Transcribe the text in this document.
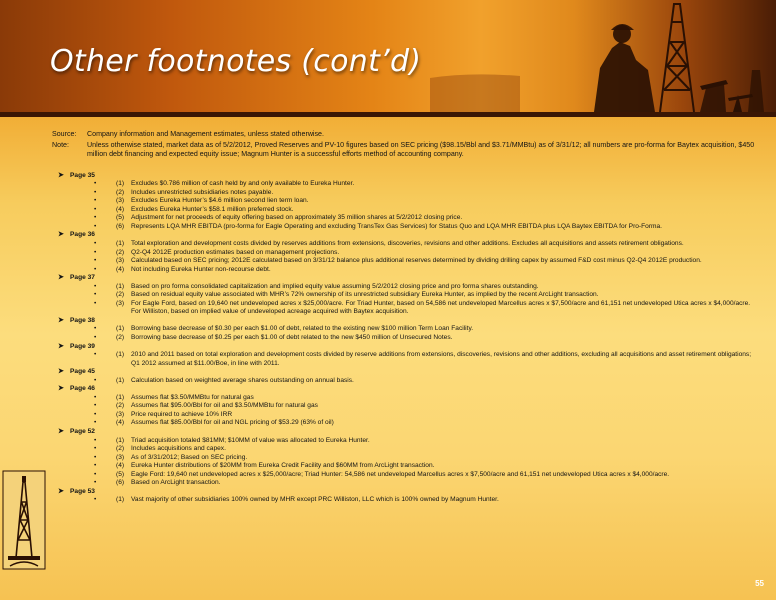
Other footnotes (cont’d)
Source:	Company information and Management estimates, unless stated otherwise.
Note:	Unless otherwise stated, market data as of 5/2/2012, Proved Reserves and PV-10 figures based on SEC pricing ($98.15/Bbl and $3.71/MMBtu) as of 3/31/12; all numbers are pro-forma for Baytex acquisition, $450 million debt financing and expected equity issue; Magnum Hunter is a successful efforts method of accounting company.
➤ Page 35
•	(1)	Excludes $0.786 million of cash held by and only available to Eureka Hunter.
•	(2)	Includes unrestricted subsidiaries notes payable.
•	(3)	Excludes Eureka Hunter’s $4.6 million second lien term loan.
•	(4)	Excludes Eureka Hunter’s $58.1 million preferred stock.
•	(5)	Adjustment for net proceeds of equity offering based on approximately 35 million shares at 5/2/2012 closing price.
•	(6)	Represents LQA MHR EBITDA (pro-forma for Eagle Operating and excluding TransTex Gas Services) for Status Quo and LQA MHR EBITDA plus LQA Baytex EBITDA for Pro-Forma.
➤ Page 36
•	(1)	Total exploration and development costs divided by reserves additions from extensions, discoveries, revisions and other additions. Excludes all acquisitions and assets retirement obligations.
•	(2)	Q2-Q4 2012E production estimates based on management projections.
•	(3)	Calculated based on SEC pricing; 2012E calculated based on 3/31/12 balance plus additional reserves determined by dividing drilling capex by assumed F&D cost minus Q2-Q4 2012E production.
•	(4)	Not including Eureka Hunter non-recourse debt.
➤ Page 37
•	(1)	Based on pro forma consolidated capitalization and implied equity value assuming 5/2/2012 closing price and pro forma shares outstanding.
•	(2)	Based on residual equity value associated with MHR’s 72% ownership of its unrestricted subsidiary Eureka Hunter, as implied by the recent ArcLight transaction.
•	(3)	For Eagle Ford, based on 19,640 net undeveloped acres x $25,000/acre. For Triad Hunter, based on 54,586 net undeveloped Marcellus acres x $7,500/acre and 61,151 net undeveloped Utica acres x $4,000/acre. For Williston, based on implied value of undeveloped acreage acquired with Baytex acquisition.
➤ Page 38
•	(1)	Borrowing base decrease of $0.30 per each $1.00 of debt, related to the existing new $100 million Term Loan Facility.
•	(2)	Borrowing base decrease of $0.25 per each $1.00 of debt related to the new $450 million of Unsecured Notes.
➤ Page 39
•	(1)	2010 and 2011 based on total exploration and development costs divided by reserve additions from extensions, discoveries, revisions and other additions, excluding all acquisitions and asset retirement obligations; Q1 2012 assumed at $11.00/Boe, in line with 2011.
➤ Page 45
•	(1)	Calculation based on weighted average shares outstanding on annual basis.
➤ Page 46
•	(1)	Assumes flat $3.50/MMBtu for natural gas
•	(2)	Assumes flat $95.00/Bbl for oil and $3.50/MMBtu for natural gas
•	(3)	Price required to achieve 10% IRR
•	(4)	Assumes flat $85.00/Bbl for oil and NGL pricing of $53.29 (63% of oil)
➤ Page 52
•	(1)	Triad acquisition totaled $81MM; $10MM of value was allocated to Eureka Hunter.
•	(2)	Includes acquisitions and capex.
•	(3)	As of 3/31/2012; Based on SEC pricing.
•	(4)	Eureka Hunter distributions of $20MM from Eureka Credit Facility and $60MM from ArcLight transaction.
•	(5)	Eagle Ford: 19,640 net undeveloped acres x $25,000/acre; Triad Hunter: 54,586 net undeveloped Marcellus acres x $7,500/acre and 61,151 net undeveloped Utica acres x $4,000/acre.
•	(6)	Based on ArcLight transaction.
➤ Page 53
•	(1)	Vast majority of other subsidiaries 100% owned by MHR except PRC Williston, LLC which is 100% owned by Magnum Hunter.
55
